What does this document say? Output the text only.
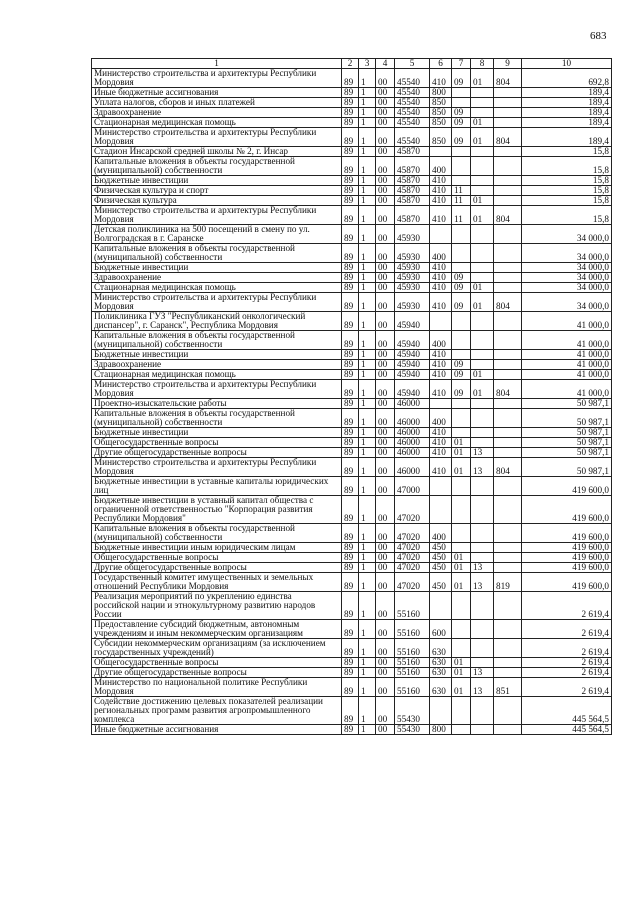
683
1	2	3	4	5	6	7	8	9	10
Министерство строительства и архитектуры Республики Мордовия	89	1	00	45540	410	09	01	804	692,8
Иные бюджетные ассигнования	89	1	00	45540	800				189,4
Уплата налогов, сборов и иных платежей	89	1	00	45540	850				189,4
Здравоохранение	89	1	00	45540	850	09			189,4
Стационарная медицинская помощь	89	1	00	45540	850	09	01		189,4
Министерство строительства и архитектуры Республики Мордовия	89	1	00	45540	850	09	01	804	189,4
Стадион Инсарской средней школы № 2, г. Инсар	89	1	00	45870					15,8
Капитальные вложения в объекты государственной (муниципальной) собственности	89	1	00	45870	400				15,8
Бюджетные инвестиции	89	1	00	45870	410				15,8
Физическая культура и спорт	89	1	00	45870	410	11			15,8
Физическая культура	89	1	00	45870	410	11	01		15,8
Министерство строительства и архитектуры Республики Мордовия	89	1	00	45870	410	11	01	804	15,8
Детская поликлиника на 500 посещений в смену по ул. Волгоградская в г. Саранске	89	1	00	45930					34 000,0
Капитальные вложения в объекты государственной (муниципальной) собственности	89	1	00	45930	400				34 000,0
Бюджетные инвестиции	89	1	00	45930	410				34 000,0
Здравоохранение	89	1	00	45930	410	09			34 000,0
Стационарная медицинская помощь	89	1	00	45930	410	09	01		34 000,0
Министерство строительства и архитектуры Республики Мордовия	89	1	00	45930	410	09	01	804	34 000,0
Поликлиника ГУЗ "Республиканский онкологический диспансер", г. Саранск", Республика Мордовия	89	1	00	45940					41 000,0
Капитальные вложения в объекты государственной (муниципальной) собственности	89	1	00	45940	400				41 000,0
Бюджетные инвестиции	89	1	00	45940	410				41 000,0
Здравоохранение	89	1	00	45940	410	09			41 000,0
Стационарная медицинская помощь	89	1	00	45940	410	09	01		41 000,0
Министерство строительства и архитектуры Республики Мордовия	89	1	00	45940	410	09	01	804	41 000,0
Проектно-изыскательские работы	89	1	00	46000					50 987,1
Капитальные вложения в объекты государственной (муниципальной) собственности	89	1	00	46000	400				50 987,1
Бюджетные инвестиции	89	1	00	46000	410				50 987,1
Общегосударственные вопросы	89	1	00	46000	410	01			50 987,1
Другие общегосударственные вопросы	89	1	00	46000	410	01	13		50 987,1
Министерство строительства и архитектуры Республики Мордовия	89	1	00	46000	410	01	13	804	50 987,1
Бюджетные инвестиции в уставные капиталы юридических лиц	89	1	00	47000					419 600,0
Бюджетные инвестиции в уставный капитал общества с ограниченной ответственностью "Корпорация развития Республики Мордовия"	89	1	00	47020					419 600,0
Капитальные вложения в объекты государственной (муниципальной) собственности	89	1	00	47020	400				419 600,0
Бюджетные инвестиции иным юридическим лицам	89	1	00	47020	450				419 600,0
Общегосударственные вопросы	89	1	00	47020	450	01			419 600,0
Другие общегосударственные вопросы	89	1	00	47020	450	01	13		419 600,0
Государственный комитет имущественных и земельных отношений Республики Мордовия	89	1	00	47020	450	01	13	819	419 600,0
Реализация мероприятий по укреплению единства российской нации и этнокультурному развитию народов России	89	1	00	55160					2 619,4
Предоставление субсидий бюджетным, автономным учреждениям и иным некоммерческим организациям	89	1	00	55160	600				2 619,4
Субсидии некоммерческим организациям (за исключением государственных учреждений)	89	1	00	55160	630				2 619,4
Общегосударственные вопросы	89	1	00	55160	630	01			2 619,4
Другие общегосударственные вопросы	89	1	00	55160	630	01	13		2 619,4
Министерство по национальной политике Республики Мордовия	89	1	00	55160	630	01	13	851	2 619,4
Содействие достижению целевых показателей реализации региональных программ развития агропромышленного комплекса	89	1	00	55430					445 564,5
Иные бюджетные ассигнования	89	1	00	55430	800				445 564,5
